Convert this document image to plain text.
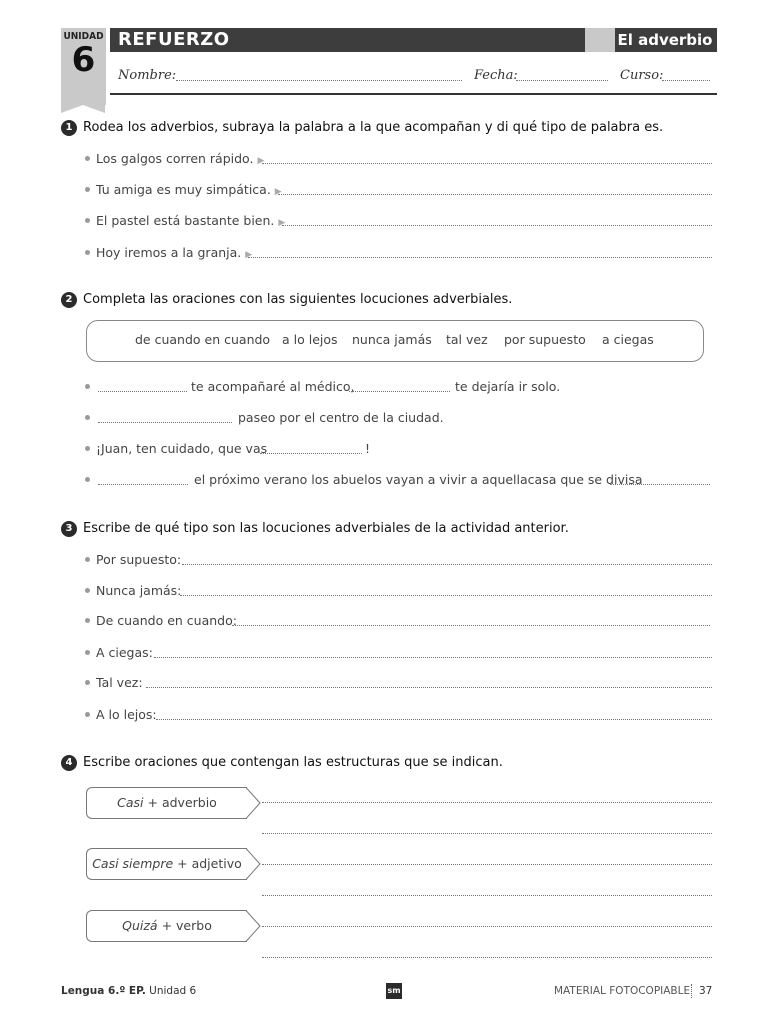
UNIDAD
6
REFUERZO	El adverbio
Nombre:	Fecha:	Curso:
1 Rodea los adverbios, subraya la palabra a la que acompañan y di qué tipo de palabra es.
Los galgos corren rápido. ▶
Tu amiga es muy simpática. ▶
El pastel está bastante bien. ▶
Hoy iremos a la granja. ▶
2 Completa las oraciones con las siguientes locuciones adverbiales.
de cuando en cuando a lo lejos nunca jamás tal vez por supuesto a ciegas
te acompañaré al médico,	te dejaría ir solo.
paseo por el centro de la ciudad.
¡Juan, ten cuidado, que vas	!
el próximo verano los abuelos vayan a vivir a aquellacasa que se divisa
3 Escribe de qué tipo son las locuciones adverbiales de la actividad anterior.
Por supuesto:
Nunca jamás:
De cuando en cuando:
A ciegas:
Tal vez:
A lo lejos:
4 Escribe oraciones que contengan las estructuras que se indican.
Casi + adverbio
Casi siempre + adjetivo
Quizá + verbo
Lengua 6.º EP. Unidad 6	sm	MATERIAL FOTOCOPIABLE 37
